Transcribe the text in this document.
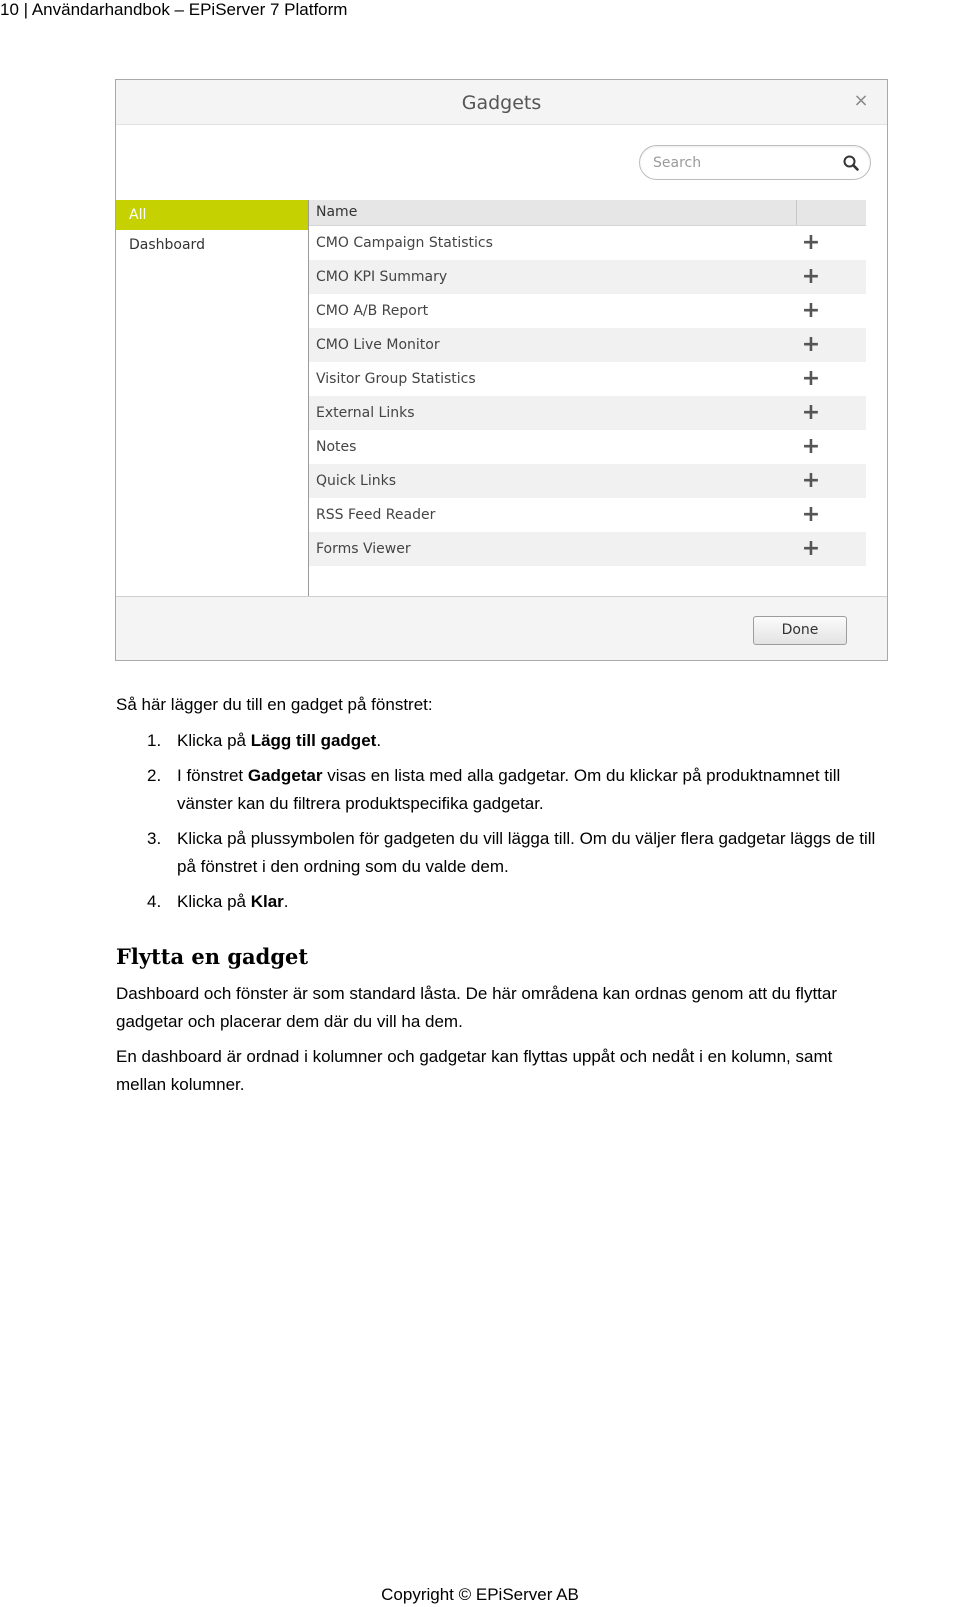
10 | Användarhandbok – EPiServer 7 Platform
Gadgets	×
Search
All
Dashboard
Name
CMO Campaign Statistics	+
CMO KPI Summary	+
CMO A/B Report	+
CMO Live Monitor	+
Visitor Group Statistics	+
External Links	+
Notes	+
Quick Links	+
RSS Feed Reader	+
Forms Viewer	+
Done
Så här lägger du till en gadget på fönstret:
1. Klicka på Lägg till gadget.
2. I fönstret Gadgetar visas en lista med alla gadgetar. Om du klickar på produktnamnet till
vänster kan du filtrera produktspecifika gadgetar.
3. Klicka på plussymbolen för gadgeten du vill lägga till. Om du väljer flera gadgetar läggs de till
på fönstret i den ordning som du valde dem.
4. Klicka på Klar.
Flytta en gadget
Dashboard och fönster är som standard låsta. De här områdena kan ordnas genom att du flyttar
gadgetar och placerar dem där du vill ha dem.
En dashboard är ordnad i kolumner och gadgetar kan flyttas uppåt och nedåt i en kolumn, samt
mellan kolumner.
Copyright © EPiServer AB
